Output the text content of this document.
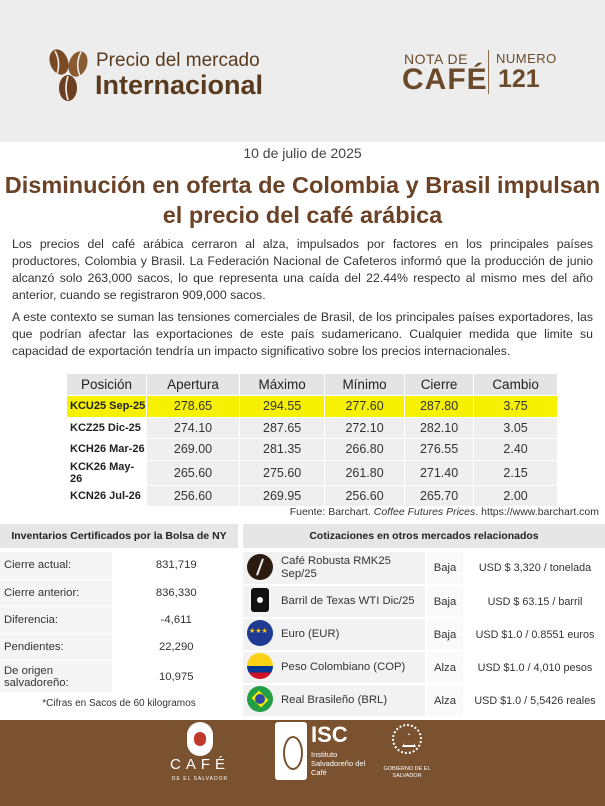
Precio del mercado
Internacional
NOTA DE
CAFÉ
NUMERO
121
10 de julio de 2025
Disminución en oferta de Colombia y Brasil impulsan el precio del café arábica

Los precios del café arábica cerraron al alza, impulsados por factores en los principales países productores, Colombia y Brasil. La Federación Nacional de Cafeteros informó que la producción de junio alcanzó solo 263,000 sacos, lo que representa una caída del 22.44% respecto al mismo mes del año anterior, cuando se registraron 909,000 sacos.

A este contexto se suman las tensiones comerciales de Brasil, de los principales países exportadores, las que podrían afectar las exportaciones de este país sudamericano. Cualquier medida que limite su capacidad de exportación tendría un impacto significativo sobre los precios internacionales.

Posición	Apertura	Máximo	Mínimo	Cierre	Cambio
KCU25 Sep-25	278.65	294.55	277.60	287.80	3.75
KCZ25 Dic-25	274.10	287.65	272.10	282.10	3.05
KCH26 Mar-26	269.00	281.35	266.80	276.55	2.40
KCK26 May-26	265.60	275.60	261.80	271.40	2.15
KCN26 Jul-26	256.60	269.95	256.60	265.70	2.00
Fuente: Barchart. Coffee Futures Prices. https://www.barchart.com
Inventarios Certificados por la Bolsa de NY
Cierre actual:	831,719
Cierre anterior:	836,330
Diferencia:	-4,611
Pendientes:	22,290
De origen salvadoreño:	10,975
*Cifras en Sacos de 60 kilogramos
Cotizaciones en otros mercados relacionados
	Café Robusta RMK25 Sep/25	Baja	USD $ 3,320 / tonelada
	Barril de Texas WTI Dic/25	Baja	USD $ 63.15 / barril
★★★	Euro (EUR)	Baja	USD $1.0 / 0.8551 euros
	Peso Colombiano (COP)	Alza	USD $1.0 / 4,010 pesos
	Real Brasileño (BRL)	Alza	USD $1.0 / 5,5426 reales
CAFÉ
DE EL SALVADOR
ISC
Instituto Salvadoreño del Café	GOBIERNO DE EL SALVADOR
